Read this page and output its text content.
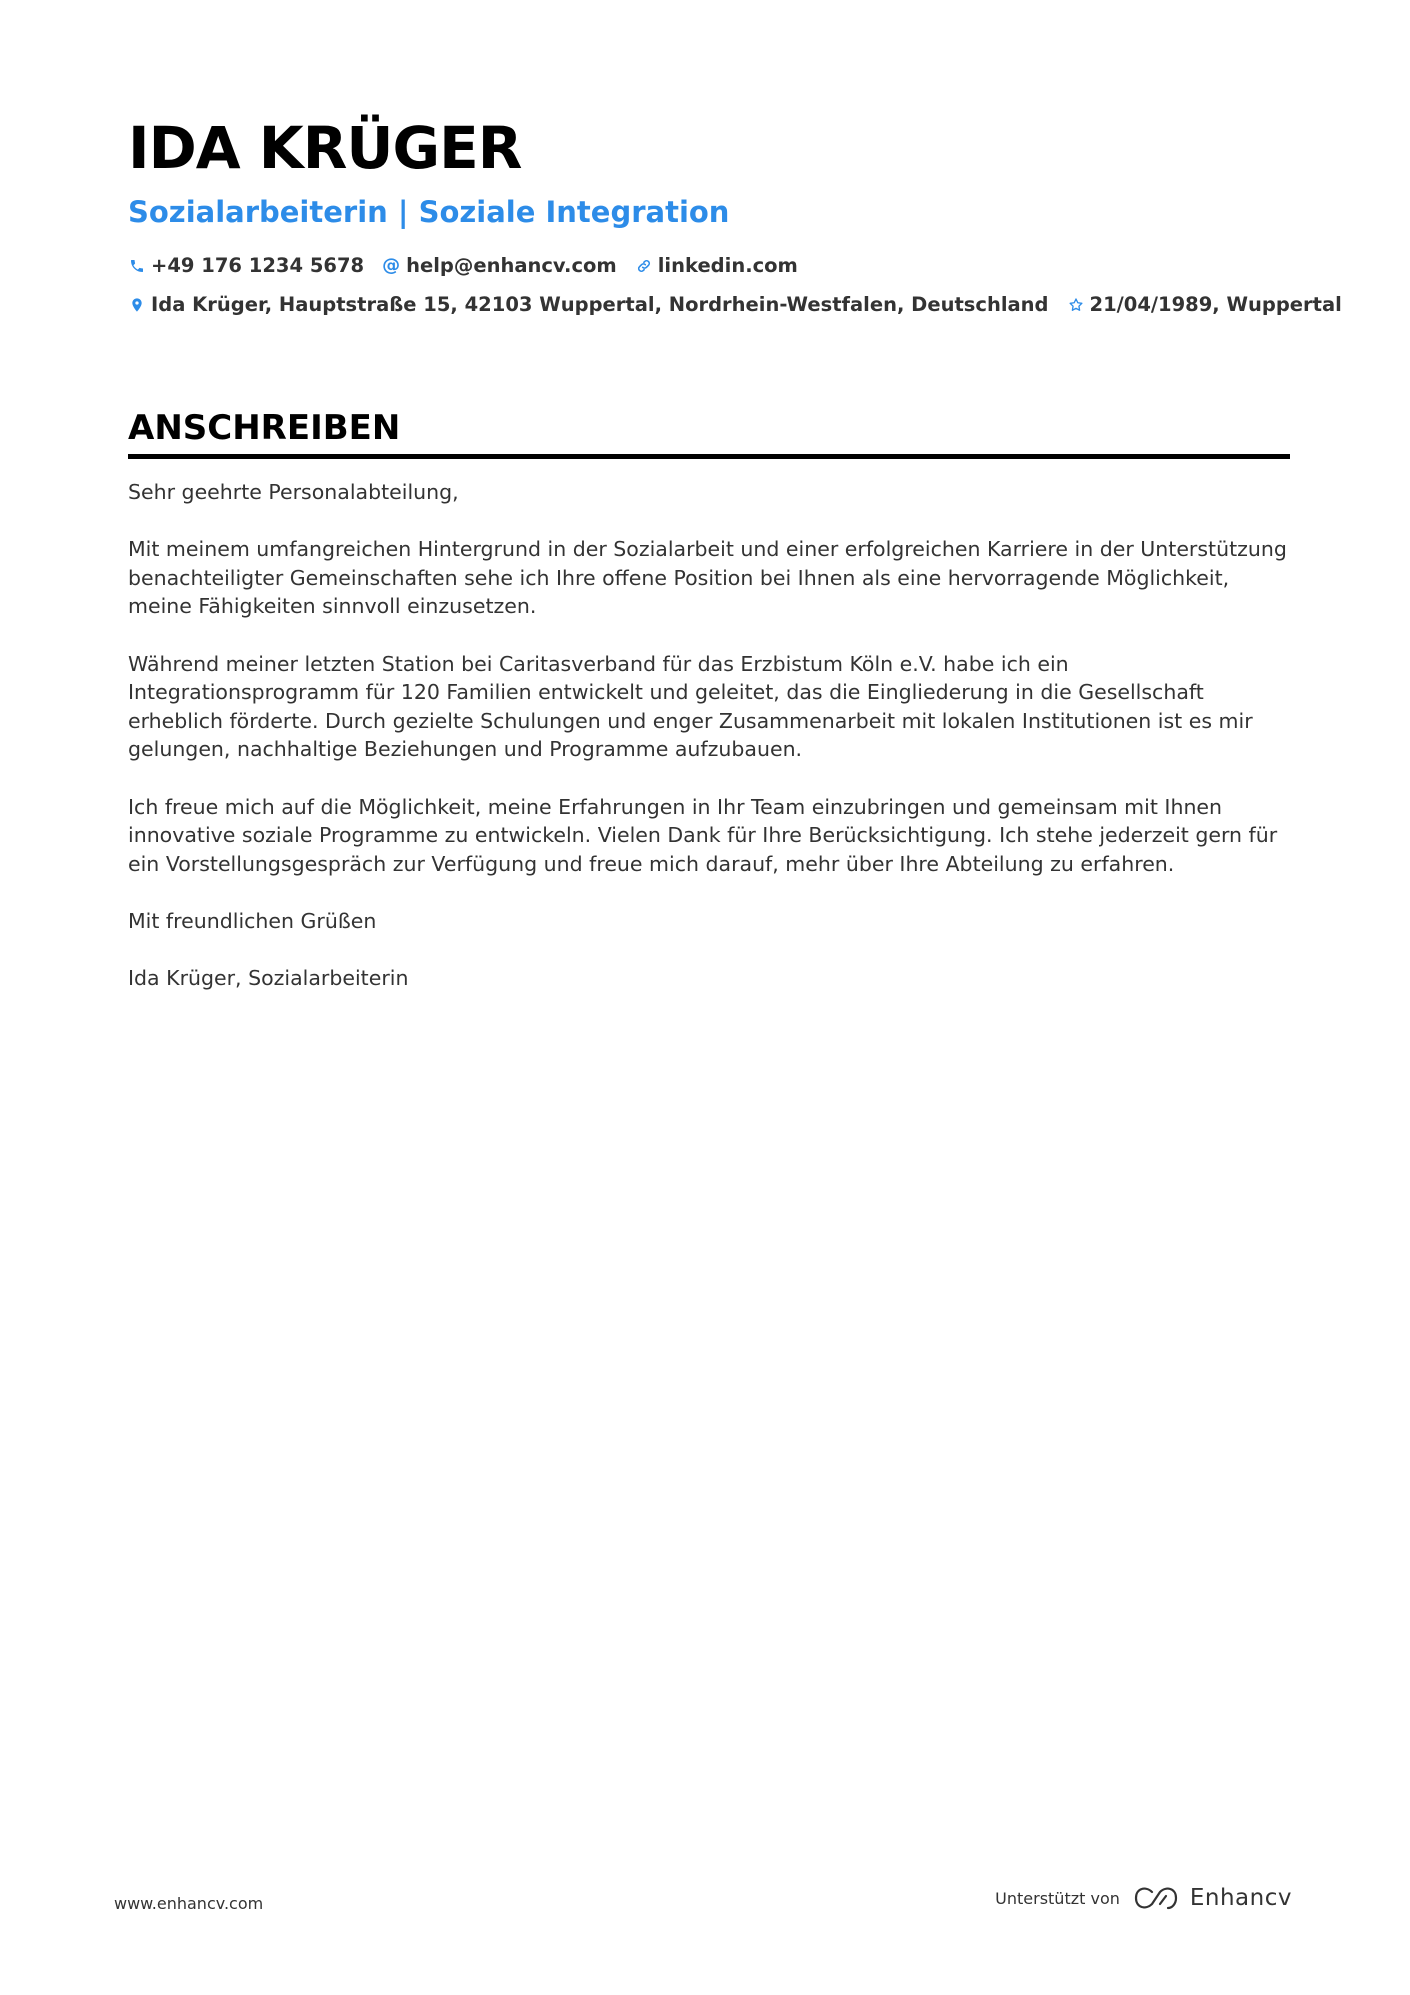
IDA KRÜGER
Sozialarbeiterin | Soziale Integration
+49 176 1234 5678 @ help@enhancv.com linkedin.com
Ida Krüger, Hauptstraße 15, 42103 Wuppertal, Nordrhein-Westfalen, Deutschland 21/04/1989, Wuppertal
ANSCHREIBEN

Sehr geehrte Personalabteilung,

Mit meinem umfangreichen Hintergrund in der Sozialarbeit und einer erfolgreichen Karriere in der Unterstützung benachteiligter Gemeinschaften sehe ich Ihre offene Position bei Ihnen als eine hervorragende Möglichkeit, meine Fähigkeiten sinnvoll einzusetzen.

Während meiner letzten Station bei Caritasverband für das Erzbistum Köln e.V. habe ich ein Integrationsprogramm für 120 Familien entwickelt und geleitet, das die Eingliederung in die Gesellschaft erheblich förderte. Durch gezielte Schulungen und enger Zusammenarbeit mit lokalen Institutionen ist es mir gelungen, nachhaltige Beziehungen und Programme aufzubauen.

Ich freue mich auf die Möglichkeit, meine Erfahrungen in Ihr Team einzubringen und gemeinsam mit Ihnen innovative soziale Programme zu entwickeln. Vielen Dank für Ihre Berücksichtigung. Ich stehe jederzeit gern für ein Vorstellungsgespräch zur Verfügung und freue mich darauf, mehr über Ihre Abteilung zu erfahren.

Mit freundlichen Grüßen

Ida Krüger, Sozialarbeiterin

www.enhancv.com	Unterstützt von	Enhancv
